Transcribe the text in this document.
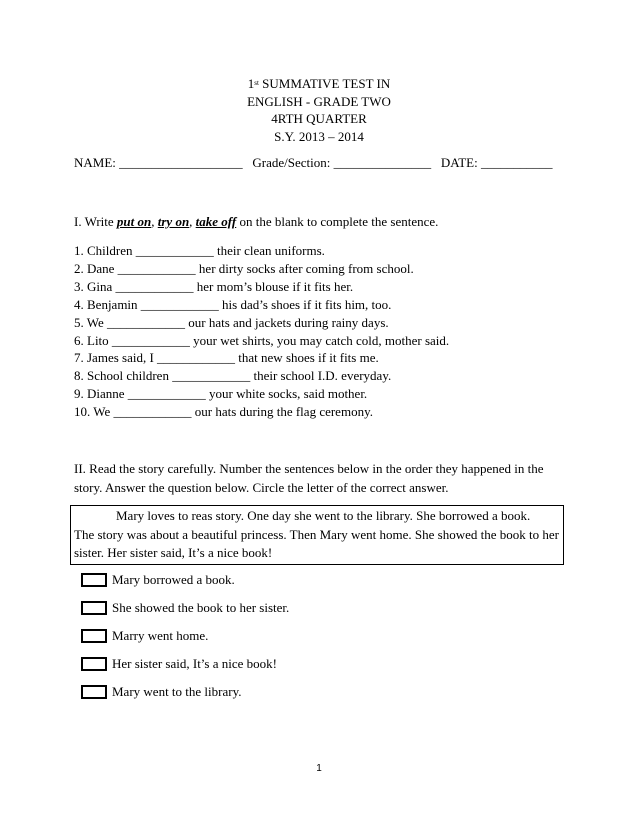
1st SUMMATIVE TEST IN
ENGLISH - GRADE TWO
4RTH QUARTER
S.Y. 2013 – 2014
NAME: ___________________   Grade/Section: _______________   DATE: ___________
I. Write put on, try on, take off on the blank to complete the sentence.
1. Children ____________ their clean uniforms.
2. Dane ____________ her dirty socks after coming from school.
3. Gina ____________ her mom’s blouse if it fits her.
4. Benjamin ____________ his dad’s shoes if it fits him, too.
5. We ____________ our hats and jackets during rainy days.
6. Lito ____________ your wet shirts, you may catch cold, mother said.
7. James said, I ____________ that new shoes if it fits me.
8. School children ____________ their school I.D. everyday.
9. Dianne ____________ your white socks, said mother.
10. We ____________ our hats during the flag ceremony.
II. Read the story carefully. Number the sentences below in the order they happened in the story. Answer the question below. Circle the letter of the correct answer.
Mary loves to reas story. One day she went to the library. She borrowed a book.
The story was about a beautiful princess. Then Mary went home. She showed the book to her sister. Her sister said, It’s a nice book!
Mary borrowed a book.
She showed the book to her sister.
Marry went home.
Her sister said, It’s a nice book!
Mary went to the library.
1
